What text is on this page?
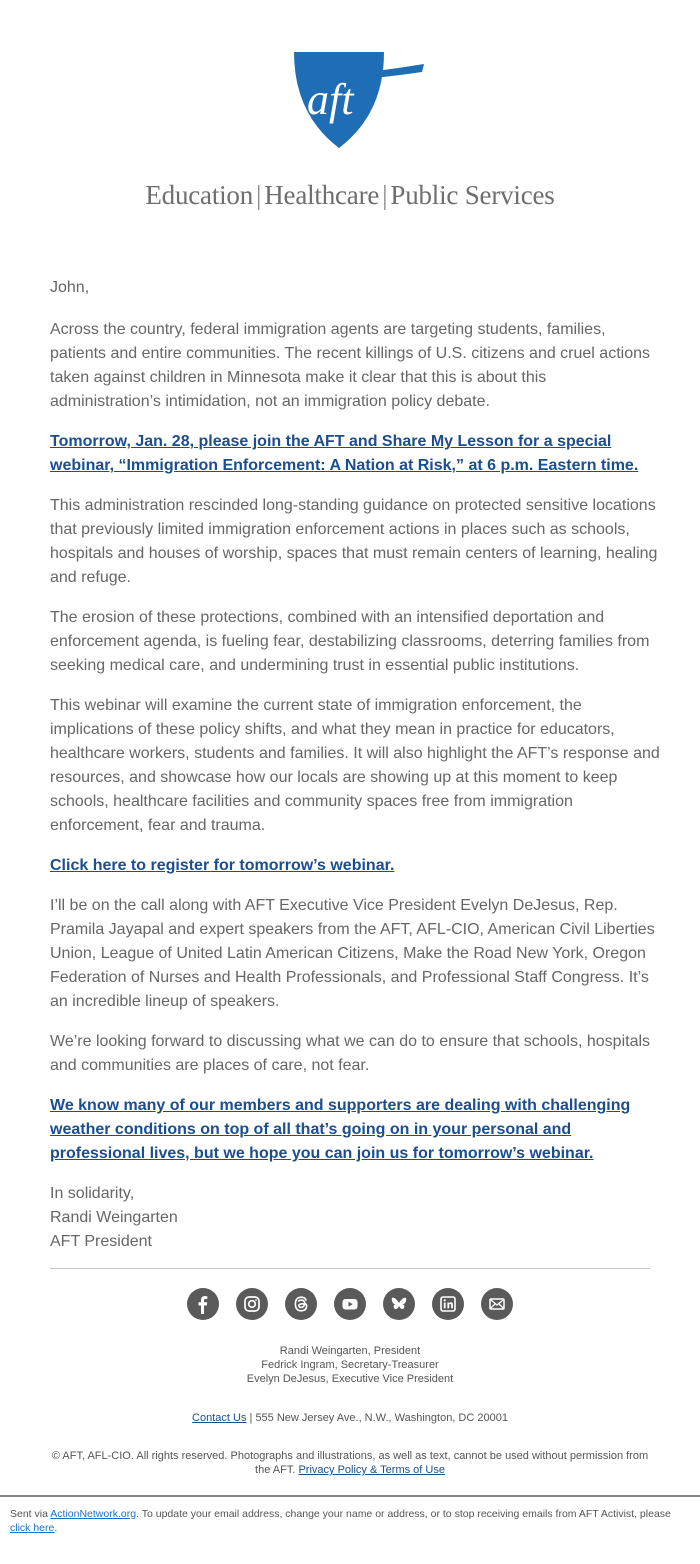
aft
Education | Healthcare | Public Services

John,

Across the country, federal immigration agents are targeting students, families, patients and entire communities. The recent killings of U.S. citizens and cruel actions taken against children in Minnesota make it clear that this is about this administration’s intimidation, not an immigration policy debate.

Tomorrow, Jan. 28, please join the AFT and Share My Lesson for a special webinar, “Immigration Enforcement: A Nation at Risk,” at 6 p.m. Eastern time.

This administration rescinded long-standing guidance on protected sensitive locations that previously limited immigration enforcement actions in places such as schools, hospitals and houses of worship, spaces that must remain centers of learning, healing and refuge.

The erosion of these protections, combined with an intensified deportation and enforcement agenda, is fueling fear, destabilizing classrooms, deterring families from seeking medical care, and undermining trust in essential public institutions.

This webinar will examine the current state of immigration enforcement, the implications of these policy shifts, and what they mean in practice for educators, healthcare workers, students and families. It will also highlight the AFT’s response and resources, and showcase how our locals are showing up at this moment to keep schools, healthcare facilities and community spaces free from immigration enforcement, fear and trauma.

Click here to register for tomorrow’s webinar.

I’ll be on the call along with AFT Executive Vice President Evelyn DeJesus, Rep. Pramila Jayapal and expert speakers from the AFT, AFL-CIO, American Civil Liberties Union, League of United Latin American Citizens, Make the Road New York, Oregon Federation of Nurses and Health Professionals, and Professional Staff Congress. It’s an incredible lineup of speakers.

We’re looking forward to discussing what we can do to ensure that schools, hospitals and communities are places of care, not fear.

We know many of our members and supporters are dealing with challenging weather conditions on top of all that’s going on in your personal and professional lives, but we hope you can join us for tomorrow’s webinar.

In solidarity,

Randi Weingarten

AFT President

Randi Weingarten, President
Fedrick Ingram, Secretary-Treasurer
Evelyn DeJesus, Executive Vice President
Contact Us | 555 New Jersey Ave., N.W., Washington, DC 20001
© AFT, AFL-CIO. All rights reserved. Photographs and illustrations, as well as text, cannot be used without permission from the AFT. Privacy Policy & Terms of Use
Sent via ActionNetwork.org. To update your email address, change your name or address, or to stop receiving emails from AFT Activist, please click here.
